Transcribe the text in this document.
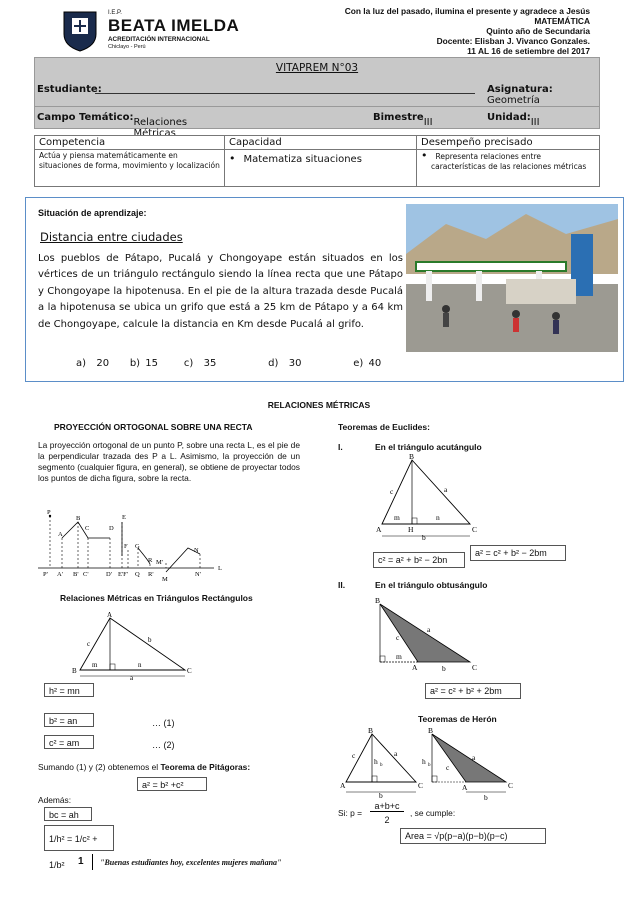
I.E.P.
BEATA IMELDA
ACREDITACIÓN INTERNACIONAL
Chiclayo - Perú
Con la luz del pasado, ilumina el presente y agradece a Jesús
MATEMÁTICA
Quinto año de Secundaria
Docente: Elisban J. Vivanco Gonzales.
11 AL 16 de setiembre del 2017
VITAPREM N°03
Estudiante:	Asignatura: Geometría
Campo Temático: Relaciones Métricas
Bimestre III	Unidad: III
Competencia	Capacidad	Desempeño precisado
Actúa y piensa matemáticamente en situaciones de forma, movimiento y localización	• Matematiza situaciones	•Representa relaciones entre características de las relaciones métricas
Situación de aprendizaje:
Distancia entre ciudades
Los pueblos de Pátapo, Pucalá y Chongoyape están situados en los vértices de un triángulo rectángulo siendo la línea recta que une Pátapo y Chongoyape la hipotenusa. En el pie de la altura trazada desde Pucalá a la hipotenusa se ubica un grifo que está a 25 km de Pátapo y a 64 km de Chongoyape, calcule la distancia en Km desde Pucalá al grifo.
a)  20    b) 15     c)  35          d)  30          e) 40
RELACIONES MÉTRICAS
PROYECCIÓN ORTOGONAL SOBRE UNA RECTA
La proyección ortogonal de un punto P, sobre una recta L, es el pie de la perpendicular trazada des P a L. Asimismo, la proyección de un segmento (cualquier figura, en general), se obtiene de proyectar todos los puntos de dicha figura, sobre la recta.
P
A
B
C	D
E
F G
R M'
N
M
L
P' A' B' C'	D' E'F' Q R'	N'
Relaciones Métricas en Triángulos Rectángulos
A
B	C
c	b
m	n
a
h² = mn
b² = an	… (1)
c² = am	… (2)
Sumando (1) y (2) obtenemos el Teorema de Pitágoras:
a² = b² +c²
Además:
bc = ah
1/h² = 1/c² + 1/b²
Teoremas de Euclides:
I.	En el triángulo acutángulo
B
A	C
c	a
m	n
H
b
c² = a² + b² − 2bn
a² = c² + b² − 2bm
II.	En el triángulo obtusángulo
B
A	C
c
a
m
b
a² = c² + b² + 2bm
Teoremas de Herón
B
A	C
c	a
h b
b
B
A	C
c
a
h b
b
Si: p =
a+b+c
2
, se cumple:
Area = √p(p−a)(p−b)(p−c)
1 "Buenas estudiantes hoy, excelentes mujeres mañana"
